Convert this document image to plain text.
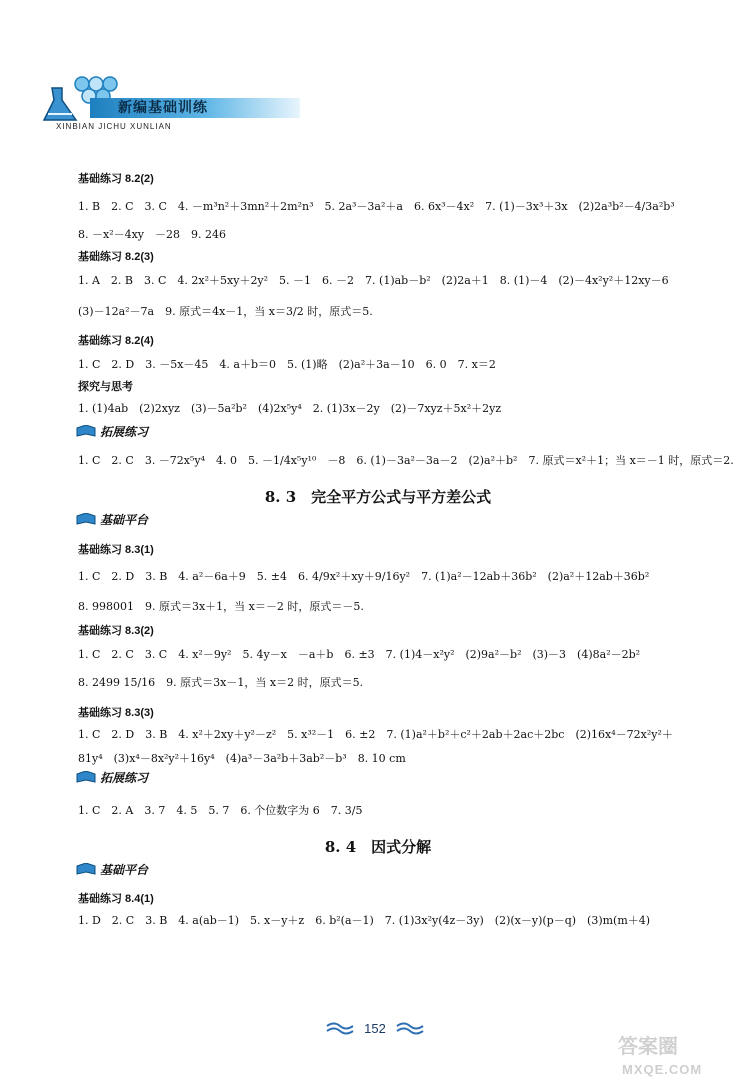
新编基础训练
XINBIAN JICHU XUNLIAN
基础练习 8.2(2)
1. B　2. C　3. C　4. －m³n²＋3mn²＋2m²n³　5. 2a³－3a²＋a　6. 6x³－4x²　7. (1)－3x³＋3x　(2)2a³b²－4/3a²b³
8. －x²－4xy　－28　9. 246
基础练习 8.2(3)
1. A　2. B　3. C　4. 2x²＋5xy＋2y²　5. －1　6. －2　7. (1)ab－b²　(2)2a＋1　8. (1)－4　(2)－4x²y²＋12xy－6
(3)－12a²－7a　9. 原式＝4x－1，当 x＝3/2 时，原式＝5.
基础练习 8.2(4)
1. C　2. D　3. －5x－45　4. a＋b＝0　5. (1)略　(2)a²＋3a－10　6. 0　7. x＝2
探究与思考
1. (1)4ab　(2)2xyz　(3)－5a²b²　(4)2x⁵y⁴　2. (1)3x－2y　(2)－7xyz＋5x²＋2yz
拓展练习
1. C　2. C　3. －72x⁵y⁴　4. 0　5. －1/4x⁵y¹⁰　－8　6. (1)－3a²－3a－2　(2)a²＋b²　7. 原式＝x²＋1；当 x＝－1 时，原式＝2.
8. 3　完全平方公式与平方差公式
基础平台
基础练习 8.3(1)
1. C　2. D　3. B　4. a²－6a＋9　5. ±4　6. 4/9x²＋xy＋9/16y²　7. (1)a²－12ab＋36b²　(2)a²＋12ab＋36b²
8. 998001　9. 原式＝3x＋1，当 x＝－2 时，原式＝－5.
基础练习 8.3(2)
1. C　2. C　3. C　4. x²－9y²　5. 4y－x　－a＋b　6. ±3　7. (1)4－x²y²　(2)9a²－b²　(3)－3　(4)8a²－2b²
8. 2499 15/16　9. 原式＝3x－1，当 x＝2 时，原式＝5.
基础练习 8.3(3)
1. C　2. D　3. B　4. x²＋2xy＋y²－z²　5. x³²－1　6. ±2　7. (1)a²＋b²＋c²＋2ab＋2ac＋2bc　(2)16x⁴－72x²y²＋
81y⁴　(3)x⁴－8x²y²＋16y⁴　(4)a³－3a²b＋3ab²－b³　8. 10 cm
拓展练习
1. C　2. A　3. 7　4. 5　5. 7　6. 个位数字为 6　7. 3/5
8. 4　因式分解
基础平台
基础练习 8.4(1)
1. D　2. C　3. B　4. a(ab－1)　5. x－y＋z　6. b²(a－1)　7. (1)3x²y(4z－3y)　(2)(x－y)(p－q)　(3)m(m＋4)
152
答案圈
MXQE.COM
